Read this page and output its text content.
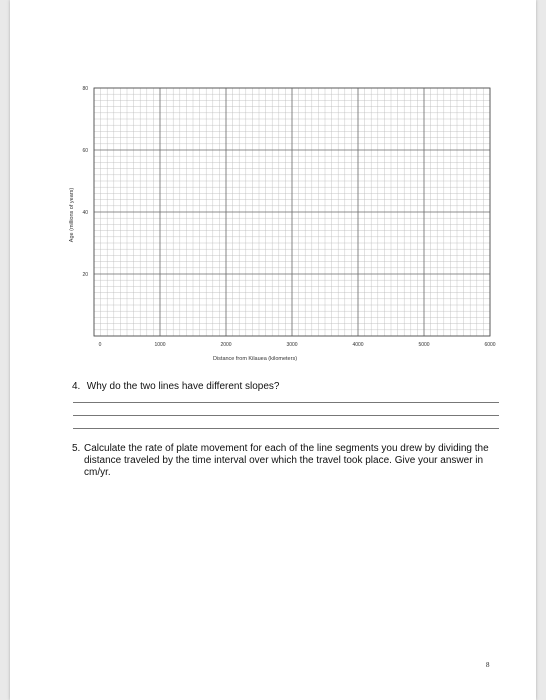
20
40
60
80
0	1000	2000	3000	4000	5000	6000
Distance from Kilauea (kilometers)
Age (millions of years)
4. Why do the two lines have different slopes?
5. Calculate the rate of plate movement for each of the line segments you drew by dividing the distance traveled by the time interval over which the travel took place. Give your answer in cm/yr.
8
